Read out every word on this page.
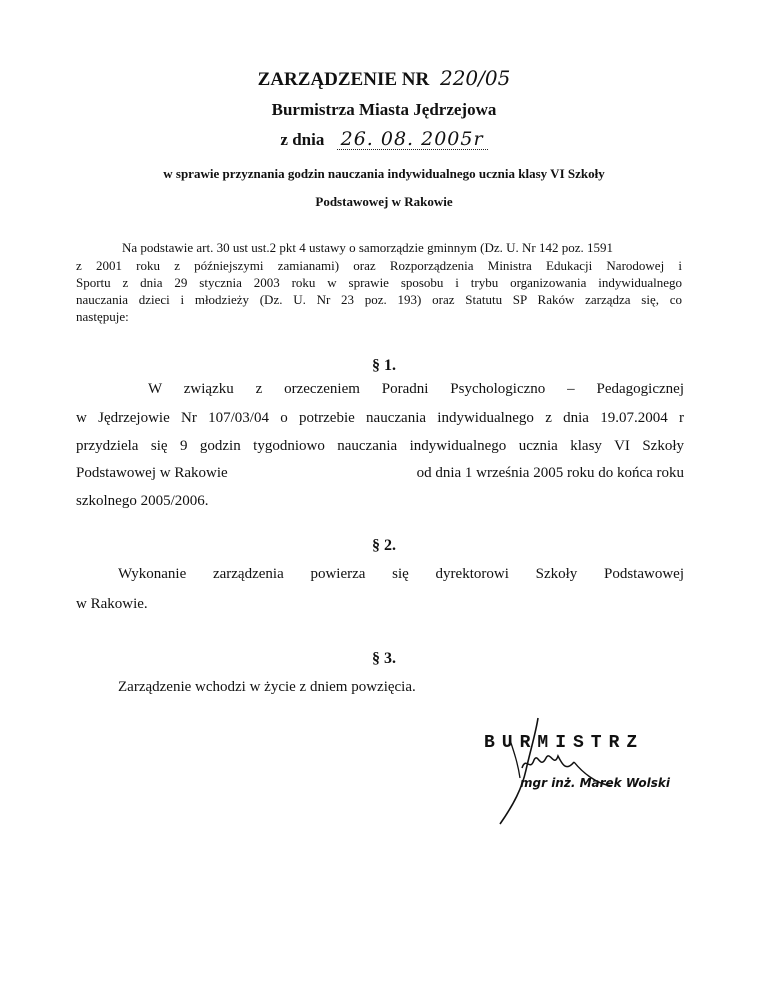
ZARZĄDZENIE NR 220/05
Burmistrza Miasta Jędrzejowa
z dnia 26. 08. 2005r
w sprawie przyznania godzin nauczania indywidualnego ucznia klasy VI Szkoły
Podstawowej w Rakowie
Na podstawie art. 30 ust ust.2 pkt 4 ustawy o samorządzie gminnym (Dz. U. Nr 142 poz. 1591
z 2001 roku z późniejszymi zamianami) oraz Rozporządzenia Ministra Edukacji Narodowej i
Sportu z dnia 29 stycznia 2003 roku w sprawie sposobu i trybu organizowania indywidualnego
nauczania dzieci i młodzieży (Dz. U. Nr 23 poz. 193) oraz Statutu SP Raków zarządza się, co
następuje:
§ 1.
W związku z orzeczeniem Poradni Psychologiczno – Pedagogicznej
w Jędrzejowie Nr 107/03/04 o potrzebie nauczania indywidualnego z dnia 19.07.2004 r
przydziela się 9 godzin tygodniowo nauczania indywidualnego ucznia klasy VI Szkoły
Podstawowej w Rakowie	od dnia 1 września 2005 roku do końca roku
szkolnego 2005/2006.
§ 2.
Wykonanie zarządzenia powierza się dyrektorowi Szkoły Podstawowej
w Rakowie.
§ 3.
Zarządzenie wchodzi w życie z dniem powzięcia.
BURMISTRZ
mgr inż. Marek Wolski
